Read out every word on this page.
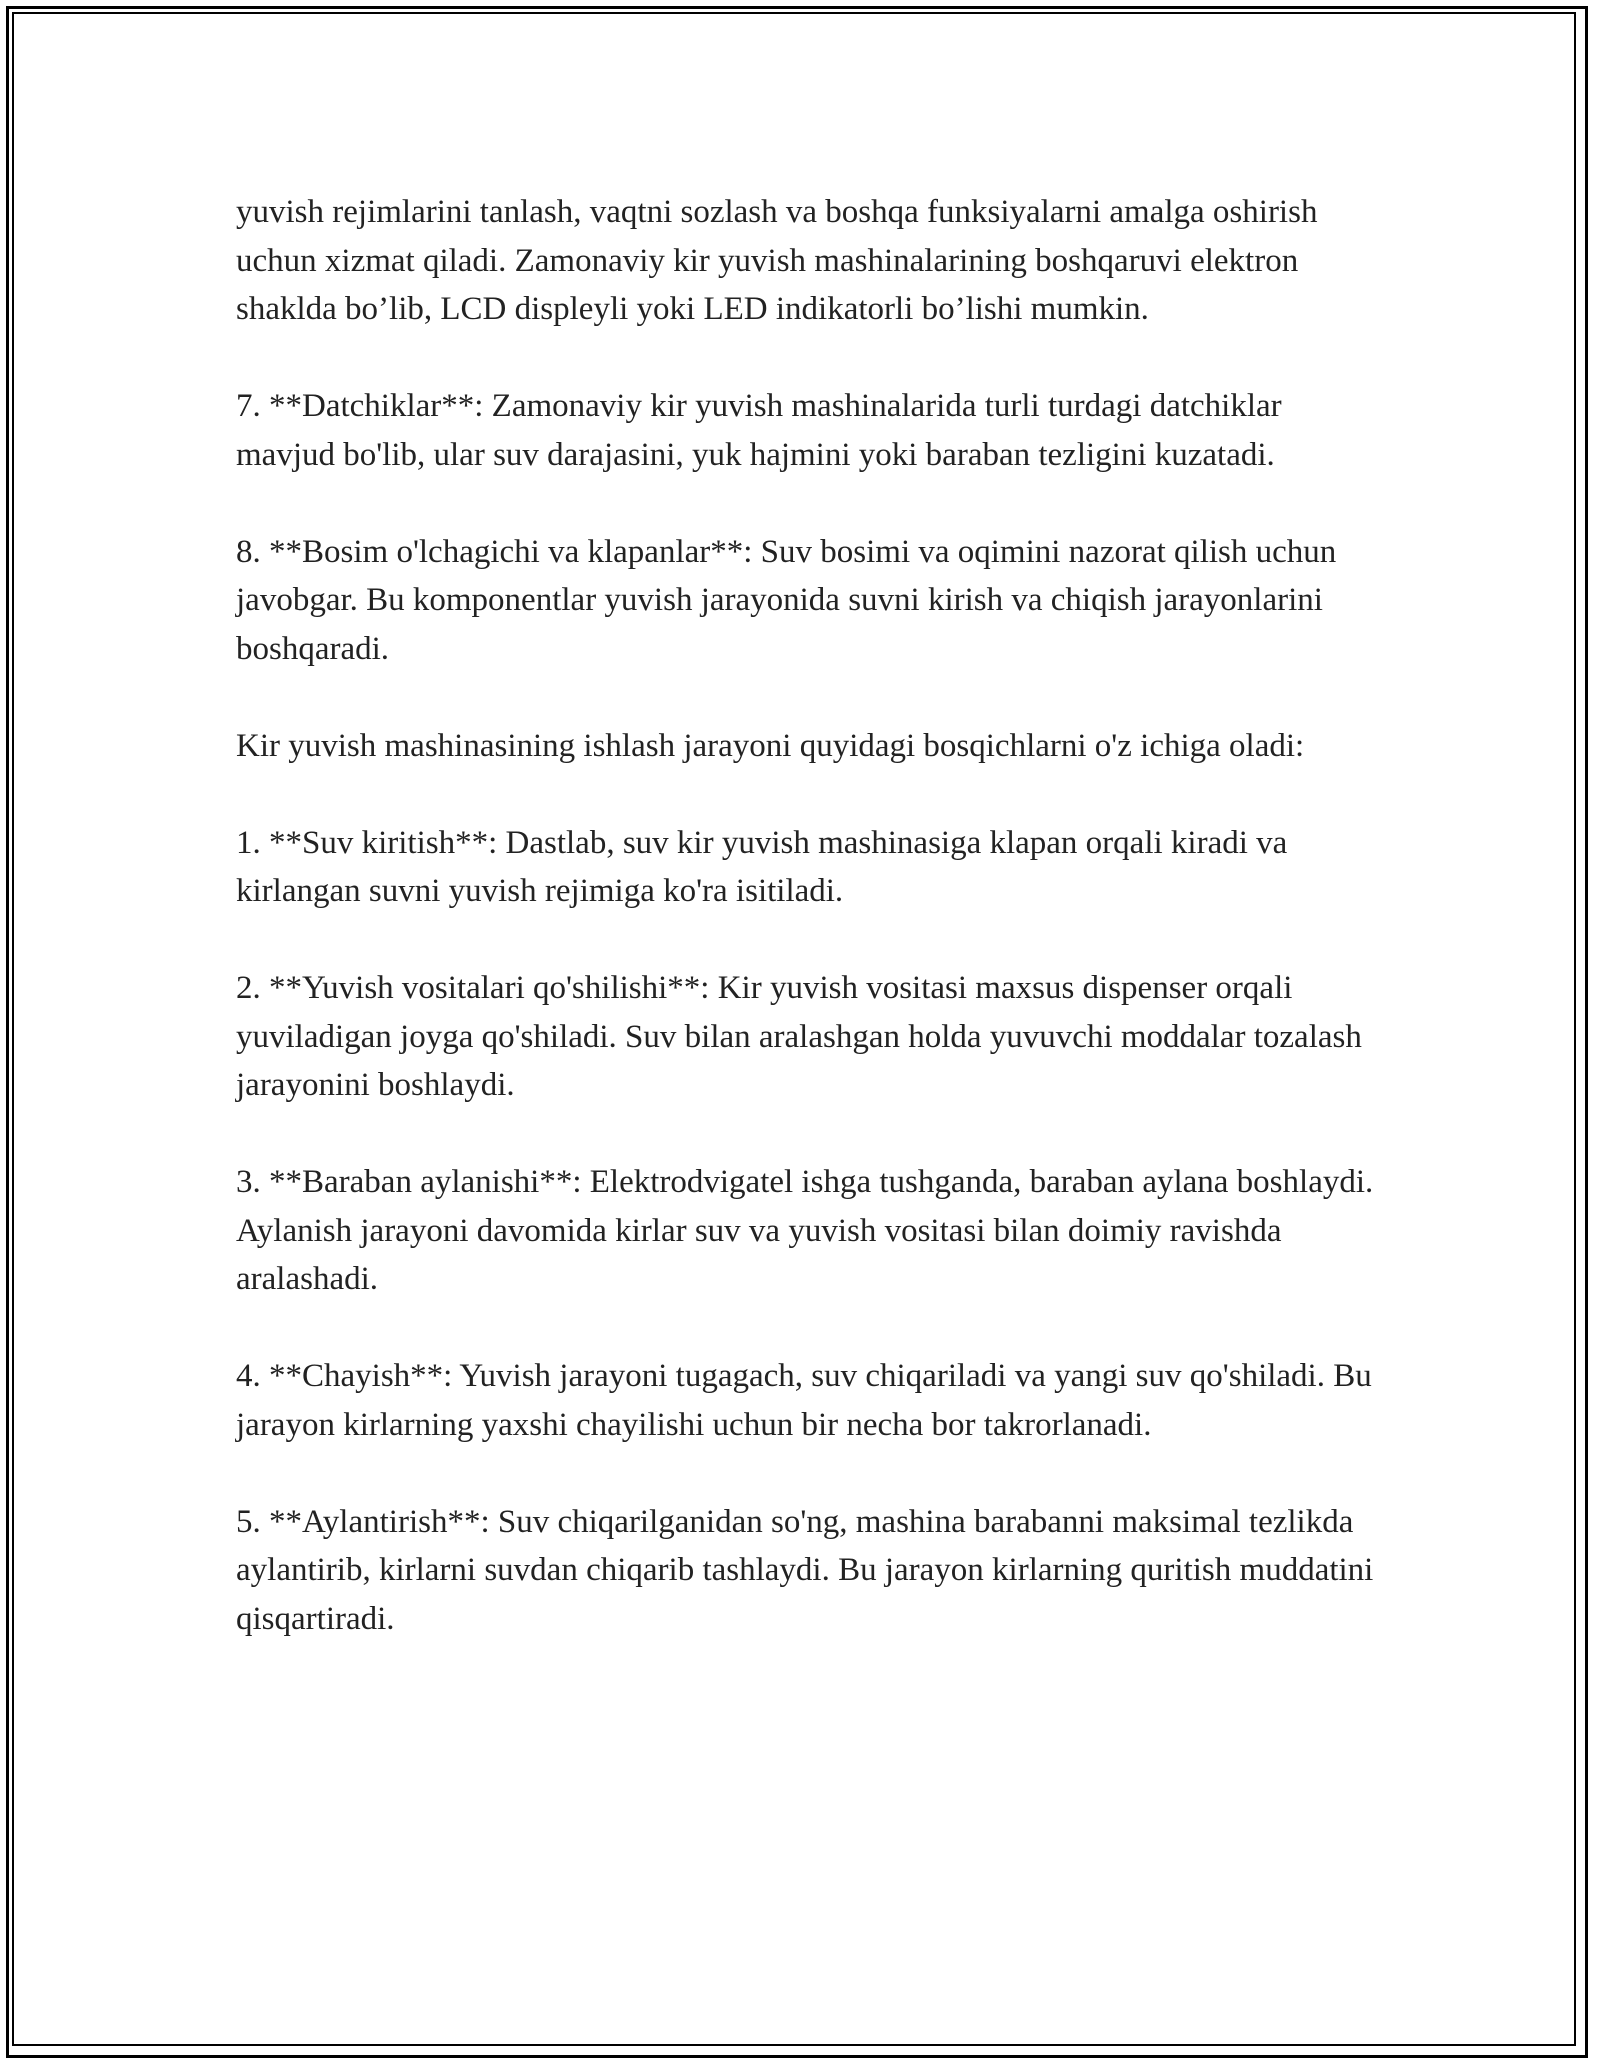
yuvish rejimlarini tanlash, vaqtni sozlash va boshqa funksiyalarni amalga oshirish uchun xizmat qiladi. Zamonaviy kir yuvish mashinalarining boshqaruvi elektron shaklda bo’lib, LCD displeyli yoki LED indikatorli bo’lishi mumkin.

7. **Datchiklar**: Zamonaviy kir yuvish mashinalarida turli turdagi datchiklar mavjud bo'lib, ular suv darajasini, yuk hajmini yoki baraban tezligini kuzatadi.

8. **Bosim o'lchagichi va klapanlar**: Suv bosimi va oqimini nazorat qilish uchun javobgar. Bu komponentlar yuvish jarayonida suvni kirish va chiqish jarayonlarini boshqaradi.

Kir yuvish mashinasining ishlash jarayoni quyidagi bosqichlarni o'z ichiga oladi:

1. **Suv kiritish**: Dastlab, suv kir yuvish mashinasiga klapan orqali kiradi va kirlangan suvni yuvish rejimiga ko'ra isitiladi.

2. **Yuvish vositalari qo'shilishi**: Kir yuvish vositasi maxsus dispenser orqali yuviladigan joyga qo'shiladi. Suv bilan aralashgan holda yuvuvchi moddalar tozalash jarayonini boshlaydi.

3. **Baraban aylanishi**: Elektrodvigatel ishga tushganda, baraban aylana boshlaydi. Aylanish jarayoni davomida kirlar suv va yuvish vositasi bilan doimiy ravishda aralashadi.

4. **Chayish**: Yuvish jarayoni tugagach, suv chiqariladi va yangi suv qo'shiladi. Bu jarayon kirlarning yaxshi chayilishi uchun bir necha bor takrorlanadi.

5. **Aylantirish**: Suv chiqarilganidan so'ng, mashina barabanni maksimal tezlikda aylantirib, kirlarni suvdan chiqarib tashlaydi. Bu jarayon kirlarning quritish muddatini qisqartiradi.
